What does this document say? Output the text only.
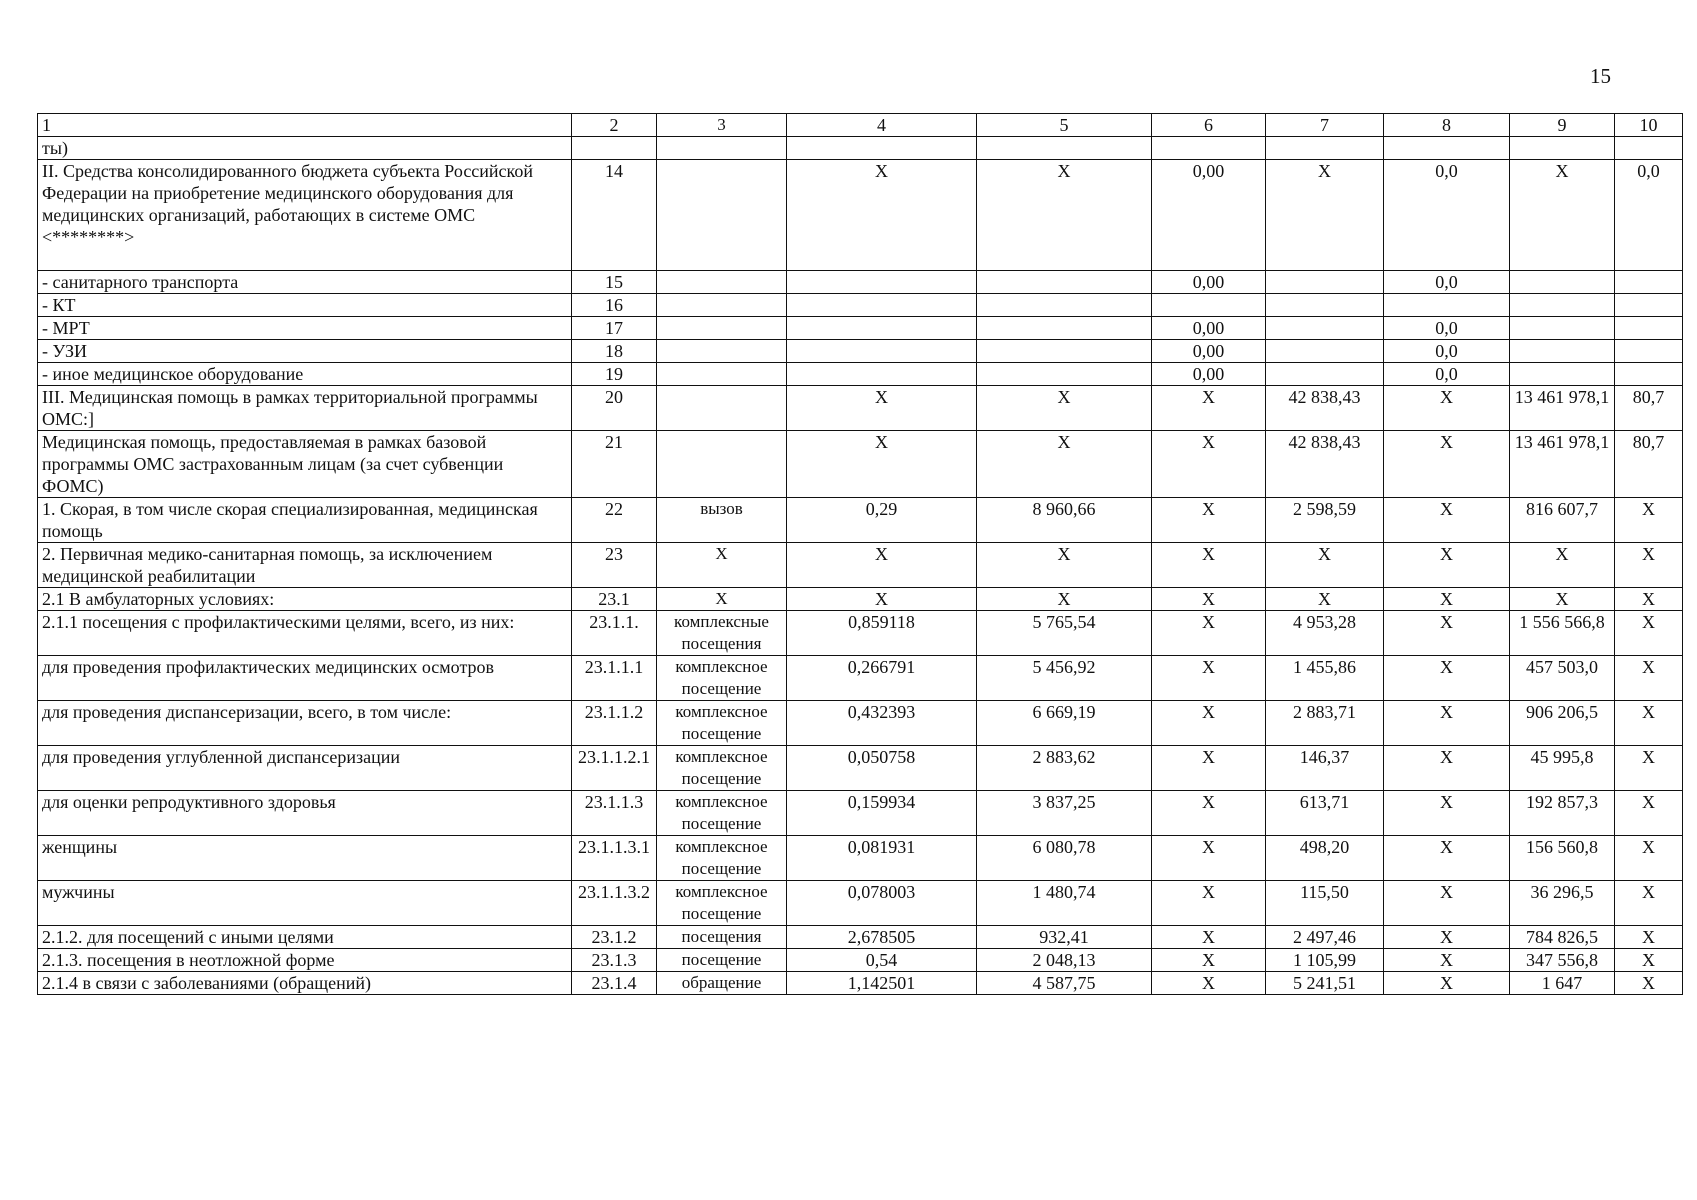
15
1	2	3	4	5	6	7	8	9	10
ты)									
II. Средства консолидированного бюджета субъекта Российской Федерации на приобретение медицинского оборудования для медицинских организаций, работающих в системе ОМС <********>	14		X	X	0,00	X	0,0	X	0,0
- санитарного транспорта	15				0,00		0,0		
- КТ	16								
- МРТ	17				0,00		0,0		
- УЗИ	18				0,00		0,0		
- иное медицинское оборудование	19				0,00		0,0		
III. Медицинская помощь в рамках территориальной программы ОМС:]	20		X	X	X	42 838,43	X	13 461 978,1	80,7
Медицинская помощь, предоставляемая в рамках базовой программы ОМС застрахованным лицам (за счет субвенции ФОМС)	21		X	X	X	42 838,43	X	13 461 978,1	80,7
1. Скорая, в том числе скорая специализированная, медицинская помощь	22	вызов	0,29	8 960,66	X	2 598,59	X	816 607,7	X
2. Первичная медико-санитарная помощь, за исключением медицинской реабилитации	23	X	X	X	X	X	X	X	X
2.1 В амбулаторных условиях:	23.1	X	X	X	X	X	X	X	X
2.1.1 посещения с профилактическими целями, всего, из них:	23.1.1.	комплексные посещения	0,859118	5 765,54	X	4 953,28	X	1 556 566,8	X
для проведения профилактических медицинских осмотров	23.1.1.1	комплексное посещение	0,266791	5 456,92	X	1 455,86	X	457 503,0	X
для проведения диспансеризации, всего, в том числе:	23.1.1.2	комплексное посещение	0,432393	6 669,19	X	2 883,71	X	906 206,5	X
для проведения углубленной диспансеризации	23.1.1.2.1	комплексное посещение	0,050758	2 883,62	X	146,37	X	45 995,8	X
для оценки репродуктивного здоровья	23.1.1.3	комплексное посещение	0,159934	3 837,25	X	613,71	X	192 857,3	X
женщины	23.1.1.3.1	комплексное посещение	0,081931	6 080,78	X	498,20	X	156 560,8	X
мужчины	23.1.1.3.2	комплексное посещение	0,078003	1 480,74	X	115,50	X	36 296,5	X
2.1.2. для посещений с иными целями	23.1.2	посещения	2,678505	932,41	X	2 497,46	X	784 826,5	X
2.1.3. посещения в неотложной форме	23.1.3	посещение	0,54	2 048,13	X	1 105,99	X	347 556,8	X
2.1.4 в связи с заболеваниями (обращений)	23.1.4	обращение	1,142501	4 587,75	X	5 241,51	X	1 647	X
